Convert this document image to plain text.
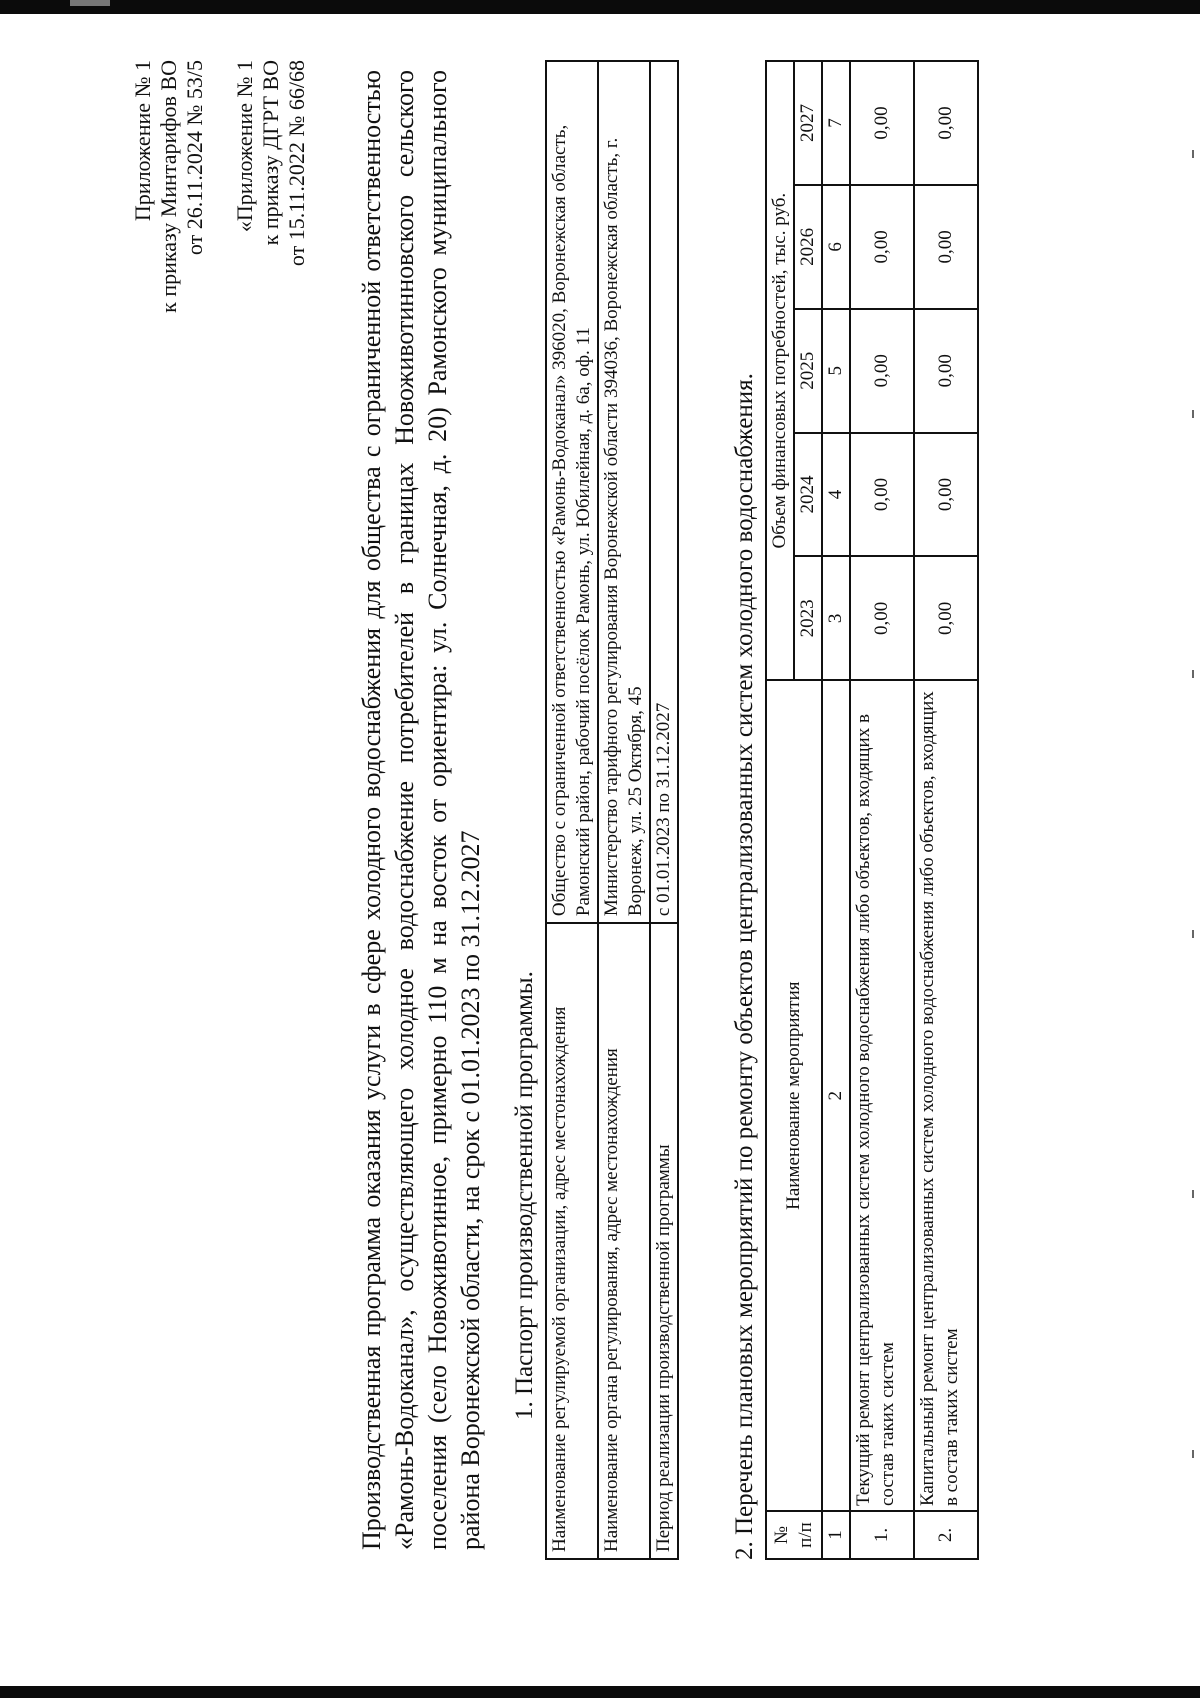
Приложение № 1 к приказу Минтарифов ВО от 26.11.2024 № 53/5 «Приложение № 1 к приказу ДГРТ ВО от 15.11.2022 № 66/68 Производственная программа оказания услуги в сфере холодного водоснабжения для общества с ограниченной ответственностью «Рамонь-Водоканал», осуществляющего холодное водоснабжение потребителей в границах Новоживотинновского сельского поселения (село Новоживотинное, примерно 110 м на восток от ориентира: ул. Солнечная, д. 20) Рамонского муниципального района Воронежской области, на срок с 01.01.2023 по 31.12.2027 1. Паспорт производственной программы. Наименование регулируемой организации, адрес местонахождения	Общество с ограниченной ответственностью «Рамонь-Водоканал» 396020, Воронежская область, Рамонский район, рабочий посёлок Рамонь, ул. Юбилейная, д. 6а, оф. 11
Наименование органа регулирования, адрес местонахождения	Министерство тарифного регулирования Воронежской области 394036, Воронежская область, г. Воронеж, ул. 25 Октября, 45
Период реализации производственной программы	с 01.01.2023 по 31.12.2027 2. Перечень плановых мероприятий по ремонту объектов централизованных систем холодного водоснабжения. № п/п	Наименование мероприятия	Объем финансовых потребностей, тыс. руб.				
		2023	2024	2025	2026	2027
1	2	3	4	5	6	7
1.	Текущий ремонт централизованных систем холодного водоснабжения либо объектов, входящих в состав таких систем	0,00	0,00	0,00	0,00	0,00
2.	Капитальный ремонт централизованных систем холодного водоснабжения либо объектов, входящих в состав таких систем	0,00	0,00	0,00	0,00	0,00
